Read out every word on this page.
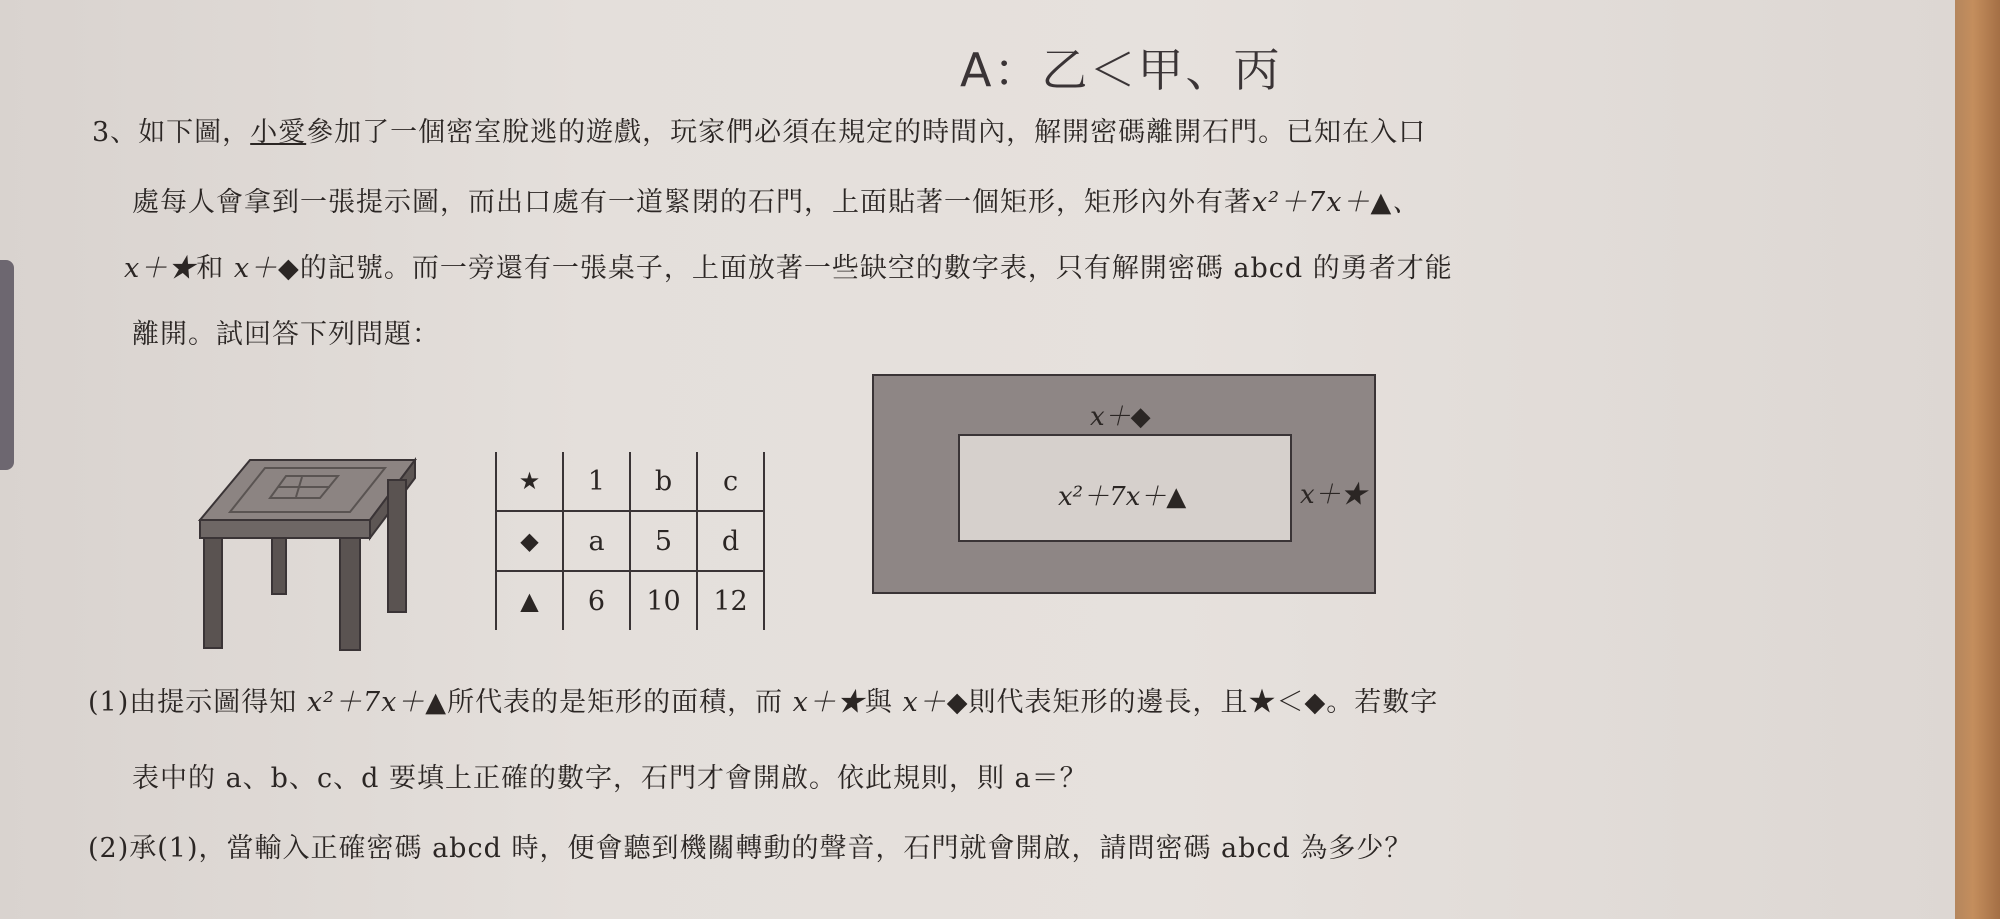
A：乙＜甲、丙
3、如下圖，小愛參加了一個密室脫逃的遊戲，玩家們必須在規定的時間內，解開密碼離開石門。已知在入口
處每人會拿到一張提示圖，而出口處有一道緊閉的石門，上面貼著一個矩形，矩形內外有著x²＋7x＋▲、
x＋★和 x＋◆的記號。而一旁還有一張桌子，上面放著一些缺空的數字表，只有解開密碼 abcd 的勇者才能
離開。試回答下列問題：
★	1	b	c
◆	a	5	d
▲	6	10	12
x＋◆
x＋★
x²＋7x＋▲
(1)由提示圖得知 x²＋7x＋▲所代表的是矩形的面積，而 x＋★與 x＋◆則代表矩形的邊長，且★＜◆。若數字
表中的 a、b、c、d 要填上正確的數字，石門才會開啟。依此規則，則 a＝？
(2)承(1)，當輸入正確密碼 abcd 時，便會聽到機關轉動的聲音，石門就會開啟，請問密碼 abcd 為多少？
